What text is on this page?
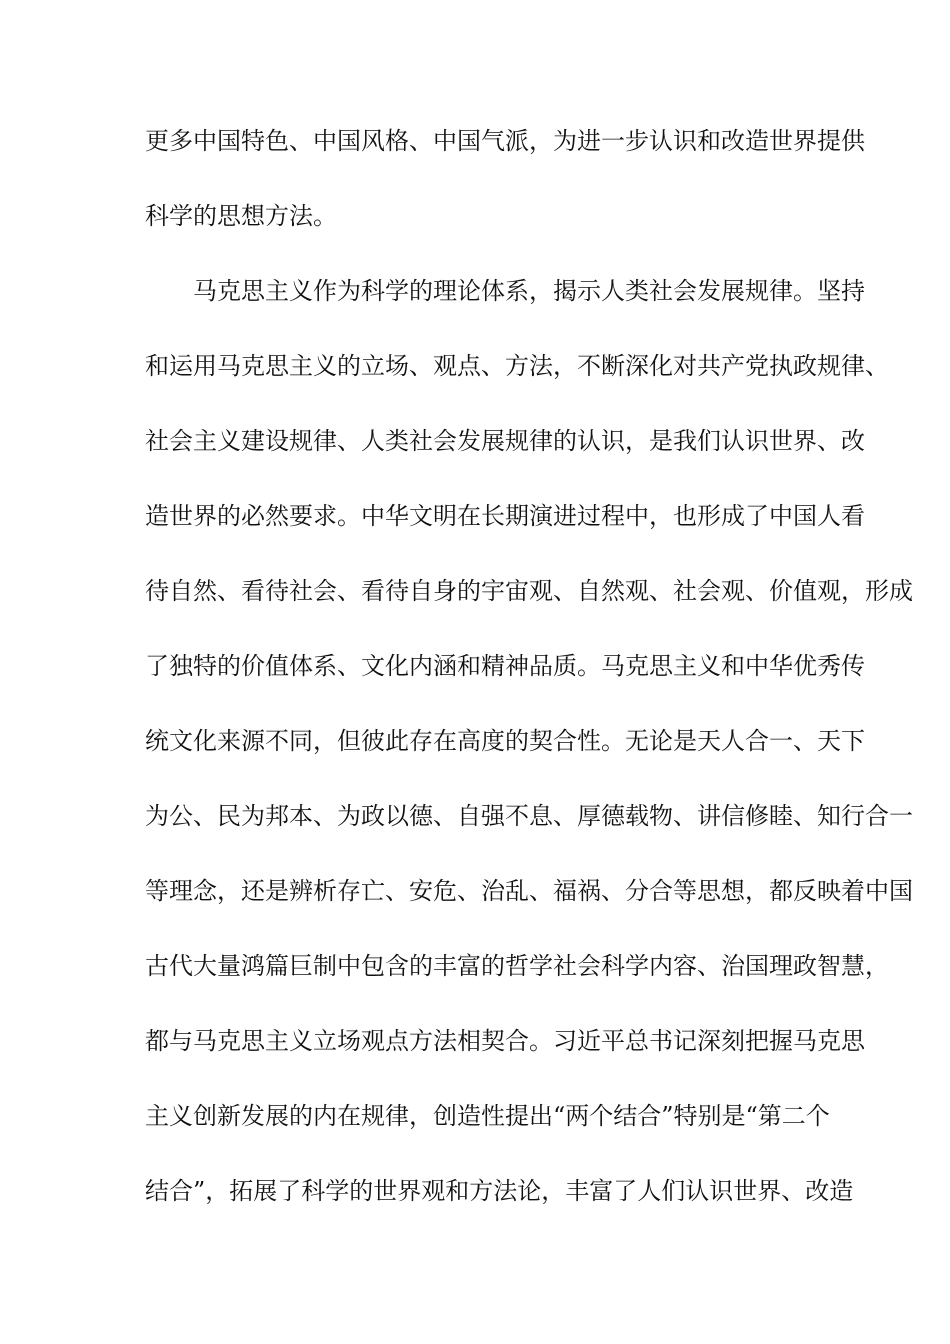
更多中国特色、中国风格、中国气派，为进一步认识和改造世界提供
科学的思想方法。
马克思主义作为科学的理论体系，揭示人类社会发展规律。坚持
和运用马克思主义的立场、观点、方法，不断深化对共产党执政规律、
社会主义建设规律、人类社会发展规律的认识，是我们认识世界、改
造世界的必然要求。中华文明在长期演进过程中，也形成了中国人看
待自然、看待社会、看待自身的宇宙观、自然观、社会观、价值观，形成
了独特的价值体系、文化内涵和精神品质。马克思主义和中华优秀传
统文化来源不同，但彼此存在高度的契合性。无论是天人合一、天下
为公、民为邦本、为政以德、自强不息、厚德载物、讲信修睦、知行合一
等理念，还是辨析存亡、安危、治乱、福祸、分合等思想，都反映着中国
古代大量鸿篇巨制中包含的丰富的哲学社会科学内容、治国理政智慧，
都与马克思主义立场观点方法相契合。习近平总书记深刻把握马克思
主义创新发展的内在规律，创造性提出“两个结合”特别是“第二个
结合”，拓展了科学的世界观和方法论，丰富了人们认识世界、改造
